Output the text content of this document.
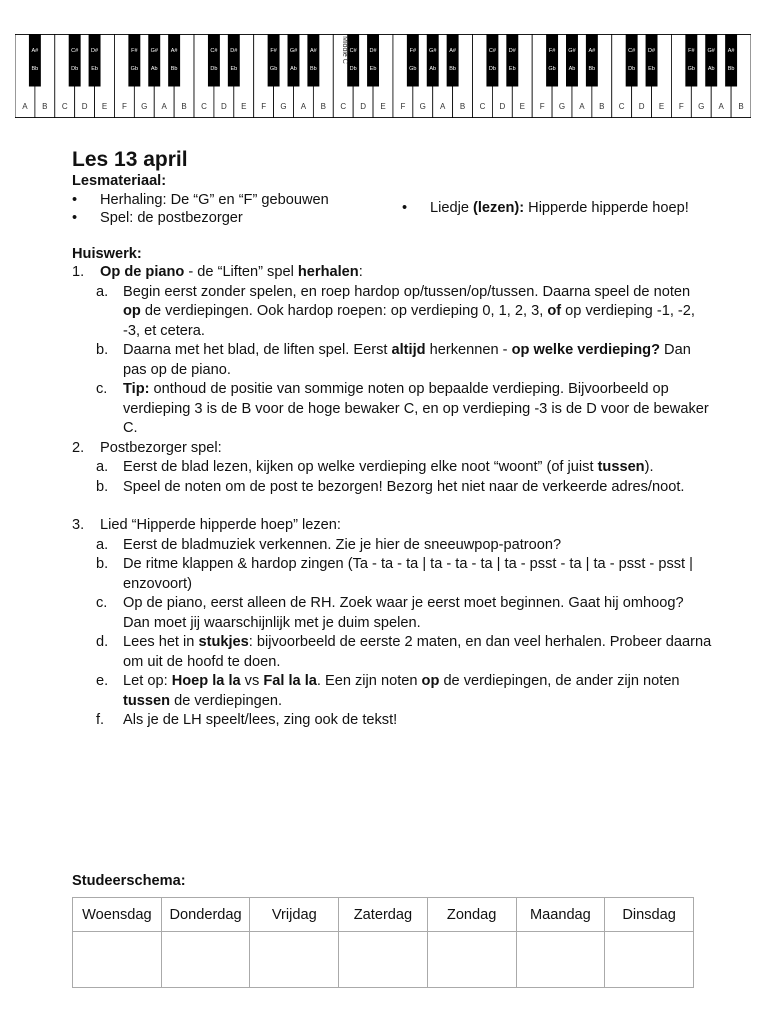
A B C D E F G A B C D E F G A B C D E F G A B C D E F G A B C D E F G A B
A#
Bb
C#
Db
D#
Eb
F#
Gb
G#
Ab
A#
Bb
C#
Db
D#
Eb
F#
Gb
G#
Ab
A#
Bb
C#
Db
D#
Eb
F#
Gb
G#
Ab
A#
Bb
C#
Db
D#
Eb
F#
Gb
G#
Ab
A#
Bb
C#
Db
D#
Eb
F#
Gb
G#
Ab
A#
Bb
Middle C
Les 13 april
Lesmateriaal:
• Herhaling: De “G” en “F” gebouwen
• Spel: de postbezorger
• Liedje (lezen): Hipperde hipperde hoep!
Huiswerk:
1. Op de piano - de “Liften” spel herhalen:
a. Begin eerst zonder spelen, en roep hardop op/tussen/op/tussen. Daarna speel de noten op de verdiepingen. Ook hardop roepen: op verdieping 0, 1, 2, 3, of op verdieping -1, -2, -3, et cetera.
b. Daarna met het blad, de liften spel. Eerst altijd herkennen - op welke verdieping? Dan pas op de piano.
c. Tip: onthoud de positie van sommige noten op bepaalde verdieping. Bijvoorbeeld op verdieping 3 is de B voor de hoge bewaker C, en op verdieping -3 is de D voor de bewaker C.
2. Postbezorger spel:
a. Eerst de blad lezen, kijken op welke verdieping elke noot “woont” (of juist tussen).
b. Speel de noten om de post te bezorgen! Bezorg het niet naar de verkeerde adres/noot.
3. Lied “Hipperde hipperde hoep” lezen:
a. Eerst de bladmuziek verkennen. Zie je hier de sneeuwpop-patroon?
b. De ritme klappen & hardop zingen (Ta - ta - ta | ta - ta - ta | ta - psst - ta | ta - psst - psst | enzovoort)
c. Op de piano, eerst alleen de RH. Zoek waar je eerst moet beginnen. Gaat hij omhoog? Dan moet jij waarschijnlijk met je duim spelen.
d. Lees het in stukjes: bijvoorbeeld de eerste 2 maten, en dan veel herhalen. Probeer daarna om uit de hoofd te doen.
e. Let op: Hoep la la vs Fal la la. Een zijn noten op de verdiepingen, de ander zijn noten tussen de verdiepingen.
f. Als je de LH speelt/lees, zing ook de tekst!
Studeerschema:
Woensdag	Donderdag	Vrijdag	Zaterdag	Zondag	Maandag	Dinsdag
